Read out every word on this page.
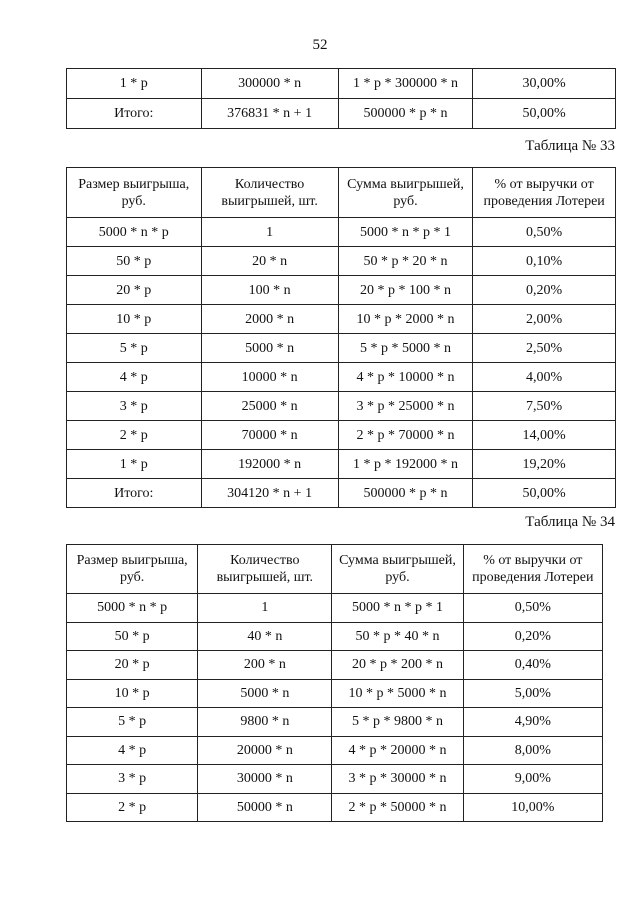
52
1 * p	300000 * n	1 * p * 300000 * n	30,00%
Итого:	376831 * n + 1	500000 * p * n	50,00%
Таблица № 33
Размер выигрыша, руб.	Количество выигрышей, шт.	Сумма выигрышей, руб.	% от выручки от проведения Лотереи
5000 * n * p	1	5000 * n * p * 1	0,50%
50 * p	20 * n	50 * p * 20 * n	0,10%
20 * p	100 * n	20 * p * 100 * n	0,20%
10 * p	2000 * n	10 * p * 2000 * n	2,00%
5 * p	5000 * n	5 * p * 5000 * n	2,50%
4 * p	10000 * n	4 * p * 10000 * n	4,00%
3 * p	25000 * n	3 * p * 25000 * n	7,50%
2 * p	70000 * n	2 * p * 70000 * n	14,00%
1 * p	192000 * n	1 * p * 192000 * n	19,20%
Итого:	304120 * n + 1	500000 * p * n	50,00%
Таблица № 34
Размер выигрыша, руб.	Количество выигрышей, шт.	Сумма выигрышей, руб.	% от выручки от проведения Лотереи
5000 * n * p	1	5000 * n * p * 1	0,50%
50 * p	40 * n	50 * p * 40 * n	0,20%
20 * p	200 * n	20 * p * 200 * n	0,40%
10 * p	5000 * n	10 * p * 5000 * n	5,00%
5 * p	9800 * n	5 * p * 9800 * n	4,90%
4 * p	20000 * n	4 * p * 20000 * n	8,00%
3 * p	30000 * n	3 * p * 30000 * n	9,00%
2 * p	50000 * n	2 * p * 50000 * n	10,00%
